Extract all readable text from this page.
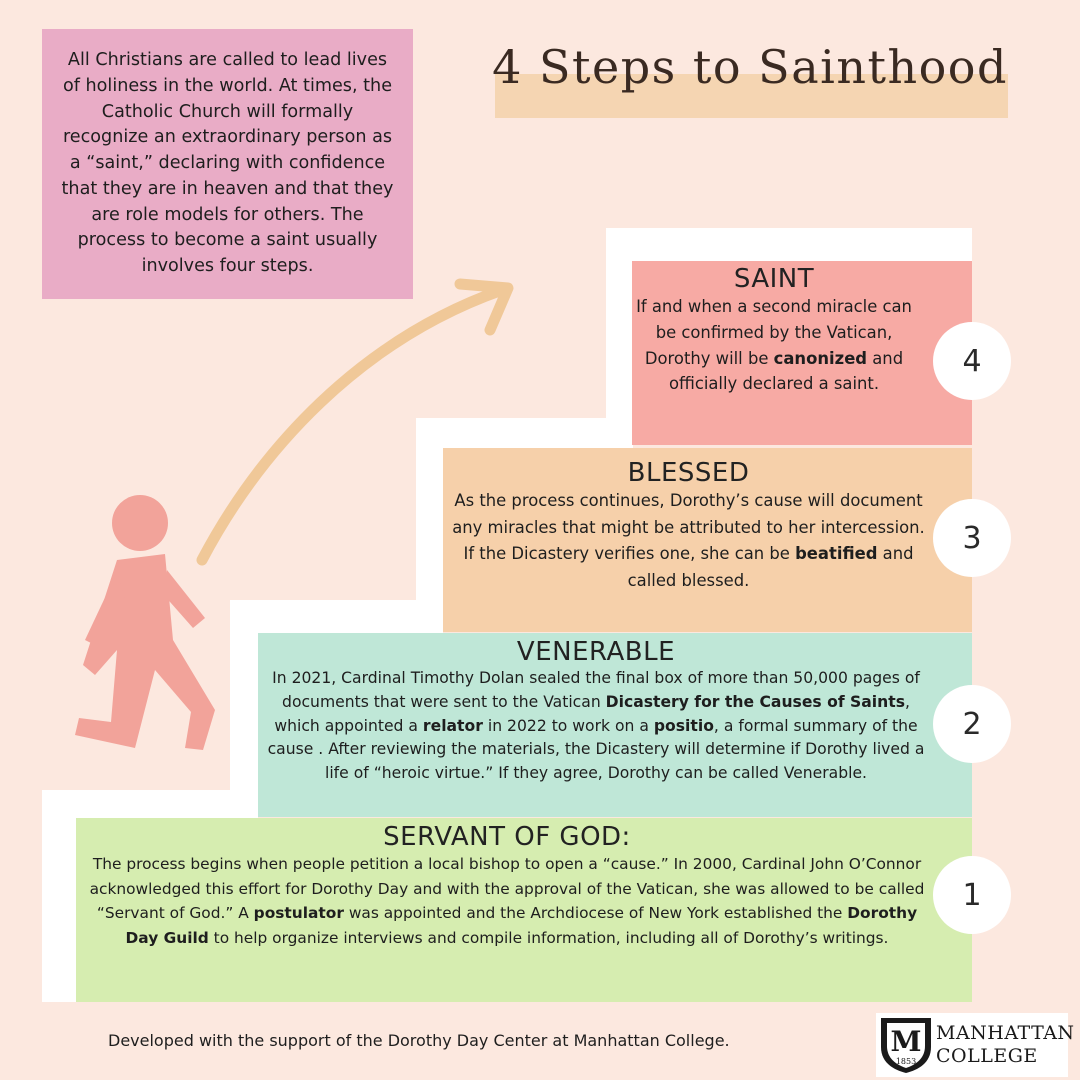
All Christians are called to lead lives of holiness in the world. At times, the Catholic Church will formally recognize an extraordinary person as a “saint,” declaring with confidence that they are in heaven and that they are role models for others. The process to become a saint usually involves four steps.

4 Steps to Sainthood
SAINT

If and when a second miracle can be confirmed by the Vatican, Dorothy will be canonized and officially declared a saint.

4
BLESSED

As the process continues, Dorothy’s cause will document any miracles that might be attributed to her intercession. If the Dicastery verifies one, she can be beatified and called blessed.

3
VENERABLE

In 2021, Cardinal Timothy Dolan sealed the final box of more than 50,000 pages of documents that were sent to the Vatican Dicastery for the Causes of Saints, which appointed a relator in 2022 to work on a positio, a formal summary of the cause . After reviewing the materials, the Dicastery will determine if Dorothy lived a life of “heroic virtue.” If they agree, Dorothy can be called Venerable.

2
SERVANT OF GOD:

The process begins when people petition a local bishop to open a “cause.” In 2000, Cardinal John O’Connor acknowledged this effort for Dorothy Day and with the approval of the Vatican, she was allowed to be called “Servant of God.” A postulator was appointed and the Archdiocese of New York established the Dorothy Day Guild to help organize interviews and compile information, including all of Dorothy’s writings.

1
Developed with the support of the Dorothy Day Center at Manhattan College.	M
1853
MANHATTAN
COLLEGE
